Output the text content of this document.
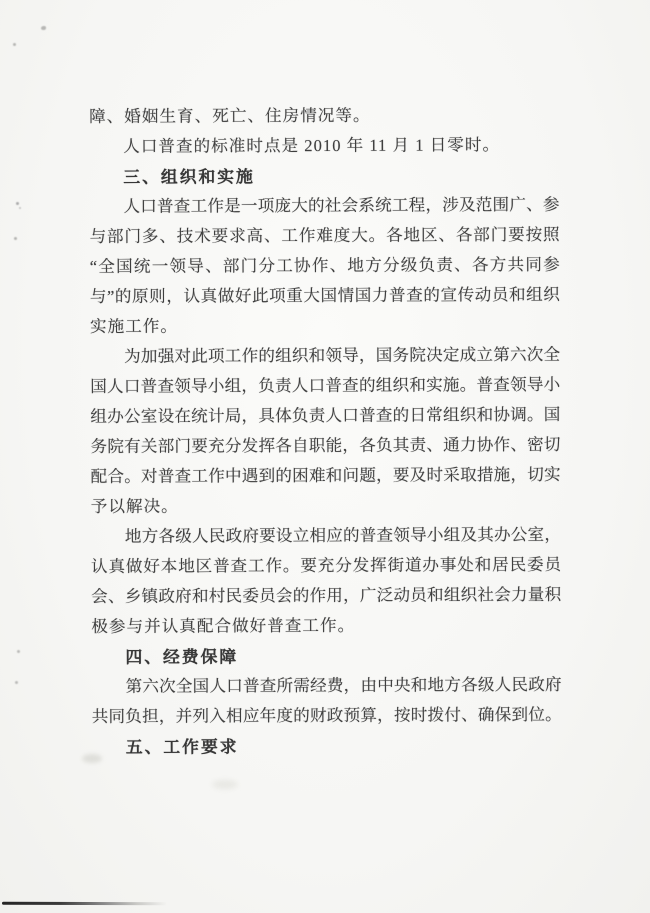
障、婚姻生育、死亡、住房情况等。
人口普查的标准时点是 2010 年 11 月 1 日零时。
三、组织和实施
人口普查工作是一项庞大的社会系统工程，涉及范围广、参
与部门多、技术要求高、工作难度大。各地区、各部门要按照
“全国统一领导、部门分工协作、地方分级负责、各方共同参
与”的原则，认真做好此项重大国情国力普查的宣传动员和组织
实施工作。
为加强对此项工作的组织和领导，国务院决定成立第六次全
国人口普查领导小组，负责人口普查的组织和实施。普查领导小
组办公室设在统计局，具体负责人口普查的日常组织和协调。国
务院有关部门要充分发挥各自职能，各负其责、通力协作、密切
配合。对普查工作中遇到的困难和问题，要及时采取措施，切实
予以解决。
地方各级人民政府要设立相应的普查领导小组及其办公室，
认真做好本地区普查工作。要充分发挥街道办事处和居民委员
会、乡镇政府和村民委员会的作用，广泛动员和组织社会力量积
极参与并认真配合做好普查工作。
四、经费保障
第六次全国人口普查所需经费，由中央和地方各级人民政府
共同负担，并列入相应年度的财政预算，按时拨付、确保到位。
五、工作要求
